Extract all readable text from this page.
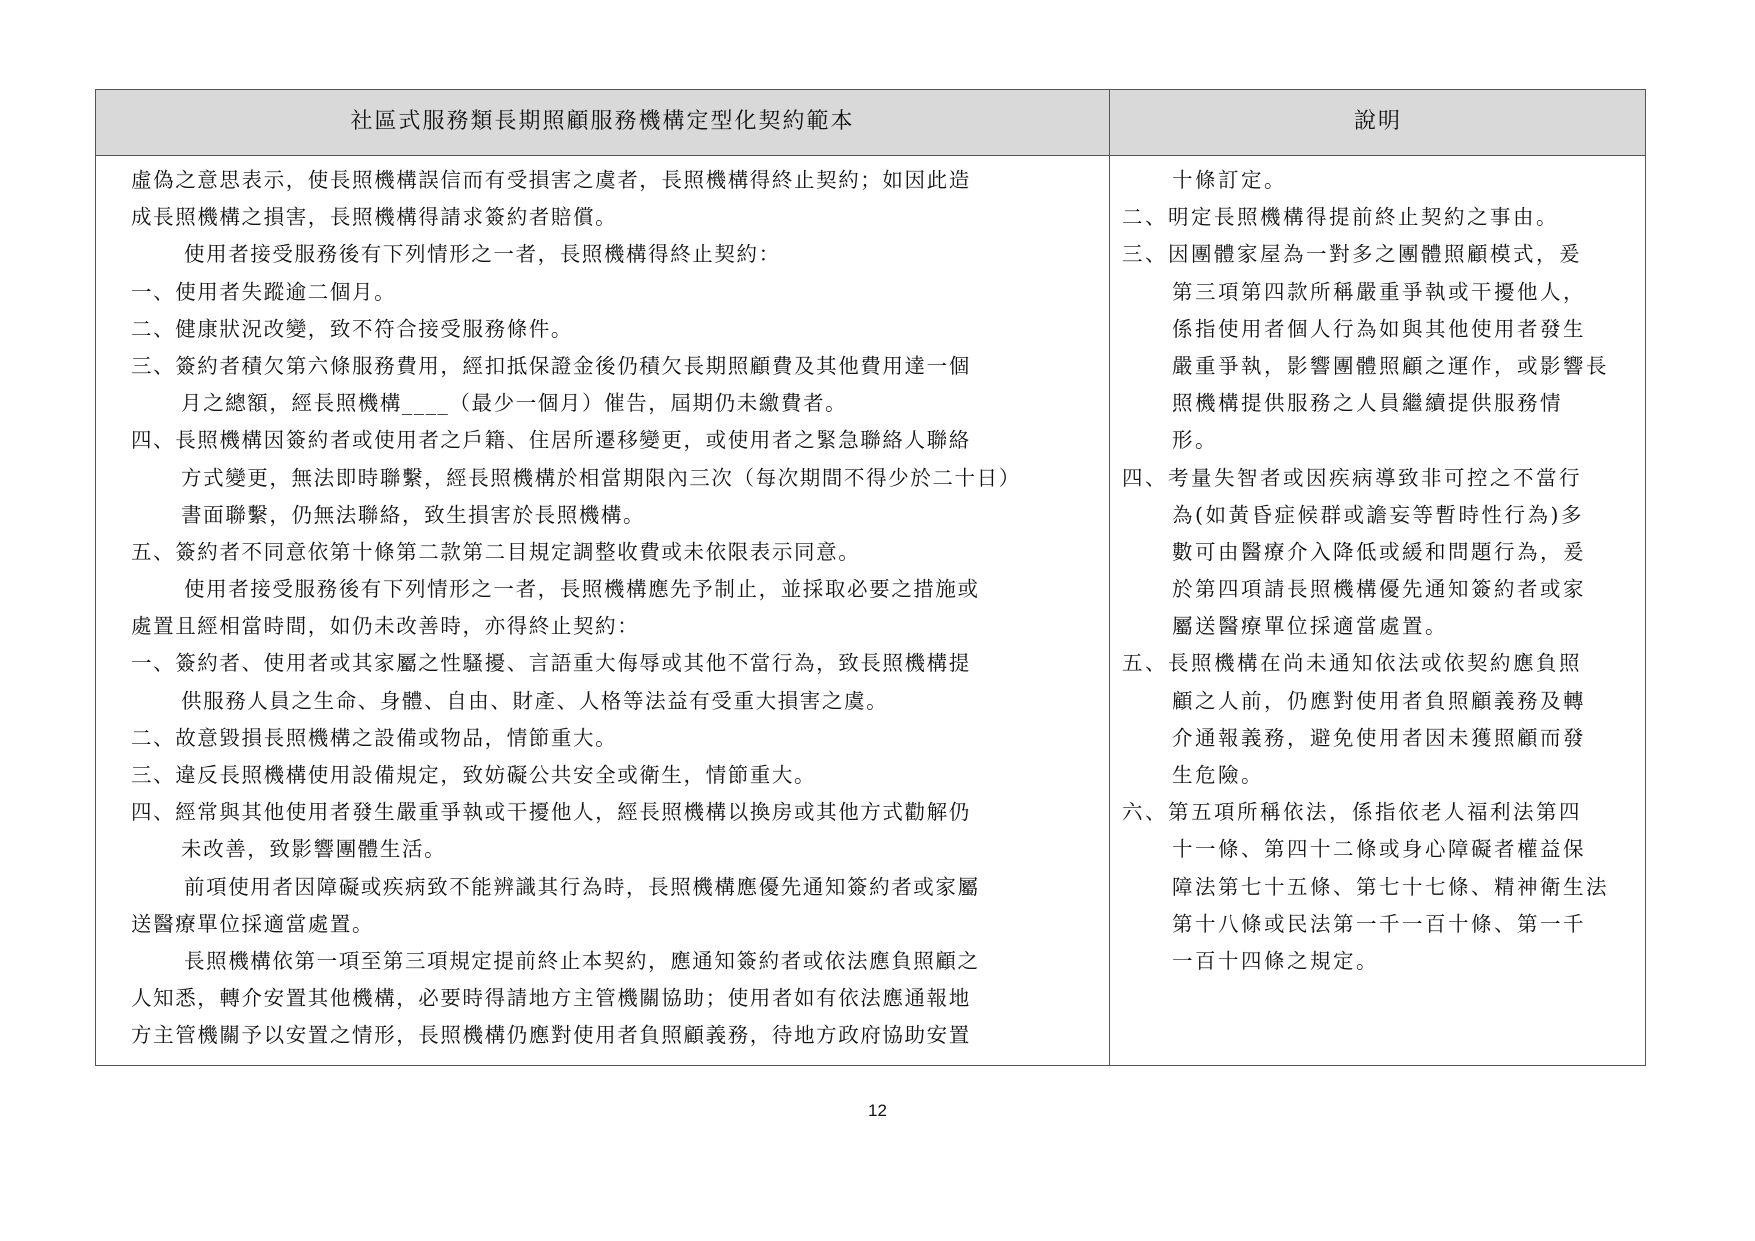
社區式服務類長期照顧服務機構定型化契約範本	說明
虛偽之意思表示，使長照機構誤信而有受損害之虞者，長照機構得終止契約；如因此造
成長照機構之損害，長照機構得請求簽約者賠償。
使用者接受服務後有下列情形之一者，長照機構得終止契約：
一、使用者失蹤逾二個月。
二、健康狀況改變，致不符合接受服務條件。
三、簽約者積欠第六條服務費用，經扣抵保證金後仍積欠長期照顧費及其他費用達一個
月之總額，經長照機構____（最少一個月）催告，屆期仍未繳費者。
四、長照機構因簽約者或使用者之戶籍、住居所遷移變更，或使用者之緊急聯絡人聯絡
方式變更，無法即時聯繫，經長照機構於相當期限內三次（每次期間不得少於二十日）
書面聯繫，仍無法聯絡，致生損害於長照機構。
五、簽約者不同意依第十條第二款第二目規定調整收費或未依限表示同意。
使用者接受服務後有下列情形之一者，長照機構應先予制止，並採取必要之措施或
處置且經相當時間，如仍未改善時，亦得終止契約：
一、簽約者、使用者或其家屬之性騷擾、言語重大侮辱或其他不當行為，致長照機構提
供服務人員之生命、身體、自由、財產、人格等法益有受重大損害之虞。
二、故意毀損長照機構之設備或物品，情節重大。
三、違反長照機構使用設備規定，致妨礙公共安全或衛生，情節重大。
四、經常與其他使用者發生嚴重爭執或干擾他人，經長照機構以換房或其他方式勸解仍
未改善，致影響團體生活。
前項使用者因障礙或疾病致不能辨識其行為時，長照機構應優先通知簽約者或家屬
送醫療單位採適當處置。
長照機構依第一項至第三項規定提前終止本契約，應通知簽約者或依法應負照顧之
人知悉，轉介安置其他機構，必要時得請地方主管機關協助；使用者如有依法應通報地
方主管機關予以安置之情形，長照機構仍應對使用者負照顧義務，待地方政府協助安置
十條訂定。
二、明定長照機構得提前終止契約之事由。
三、因團體家屋為一對多之團體照顧模式，爰
第三項第四款所稱嚴重爭執或干擾他人，
係指使用者個人行為如與其他使用者發生
嚴重爭執，影響團體照顧之運作，或影響長
照機構提供服務之人員繼續提供服務情
形。
四、考量失智者或因疾病導致非可控之不當行
為(如黃昏症候群或譫妄等暫時性行為)多
數可由醫療介入降低或緩和問題行為，爰
於第四項請長照機構優先通知簽約者或家
屬送醫療單位採適當處置。
五、長照機構在尚未通知依法或依契約應負照
顧之人前，仍應對使用者負照顧義務及轉
介通報義務，避免使用者因未獲照顧而發
生危險。
六、第五項所稱依法，係指依老人福利法第四
十一條、第四十二條或身心障礙者權益保
障法第七十五條、第七十七條、精神衛生法
第十八條或民法第一千一百十條、第一千
一百十四條之規定。
12
